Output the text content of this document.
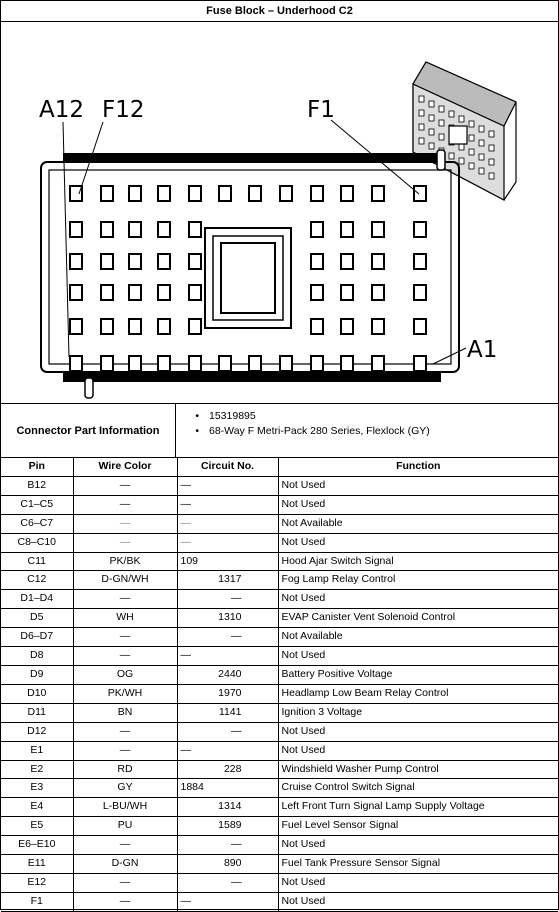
Fuse Block – Underhood C2
A12 F12	F1
A1
Connector Part Information
• 15319895
• 68-Way F Metri-Pack 280 Series, Flexlock (GY)
Pin	Wire Color	Circuit No.	Function
B12	—	—	Not Used
C1–C5	—	—	Not Used
C6–C7	—	—	Not Available
C8–C10	—	—	Not Used
C11	PK/BK	109	Hood Ajar Switch Signal
C12	D-GN/WH	1317	Fog Lamp Relay Control
D1–D4	—	—	Not Used
D5	WH	1310	EVAP Canister Vent Solenoid Control
D6–D7	—	—	Not Available
D8	—	—	Not Used
D9	OG	2440	Battery Positive Voltage
D10	PK/WH	1970	Headlamp Low Beam Relay Control
D11	BN	1141	Ignition 3 Voltage
D12	—	—	Not Used
E1	—	—	Not Used
E2	RD	228	Windshield Washer Pump Control
E3	GY	1884	Cruise Control Switch Signal
E4	L-BU/WH	1314	Left Front Turn Signal Lamp Supply Voltage
E5	PU	1589	Fuel Level Sensor Signal
E6–E10	—	—	Not Used
E11	D-GN	890	Fuel Tank Pressure Sensor Signal
E12	—	—	Not Used
F1	—	—	Not Used
